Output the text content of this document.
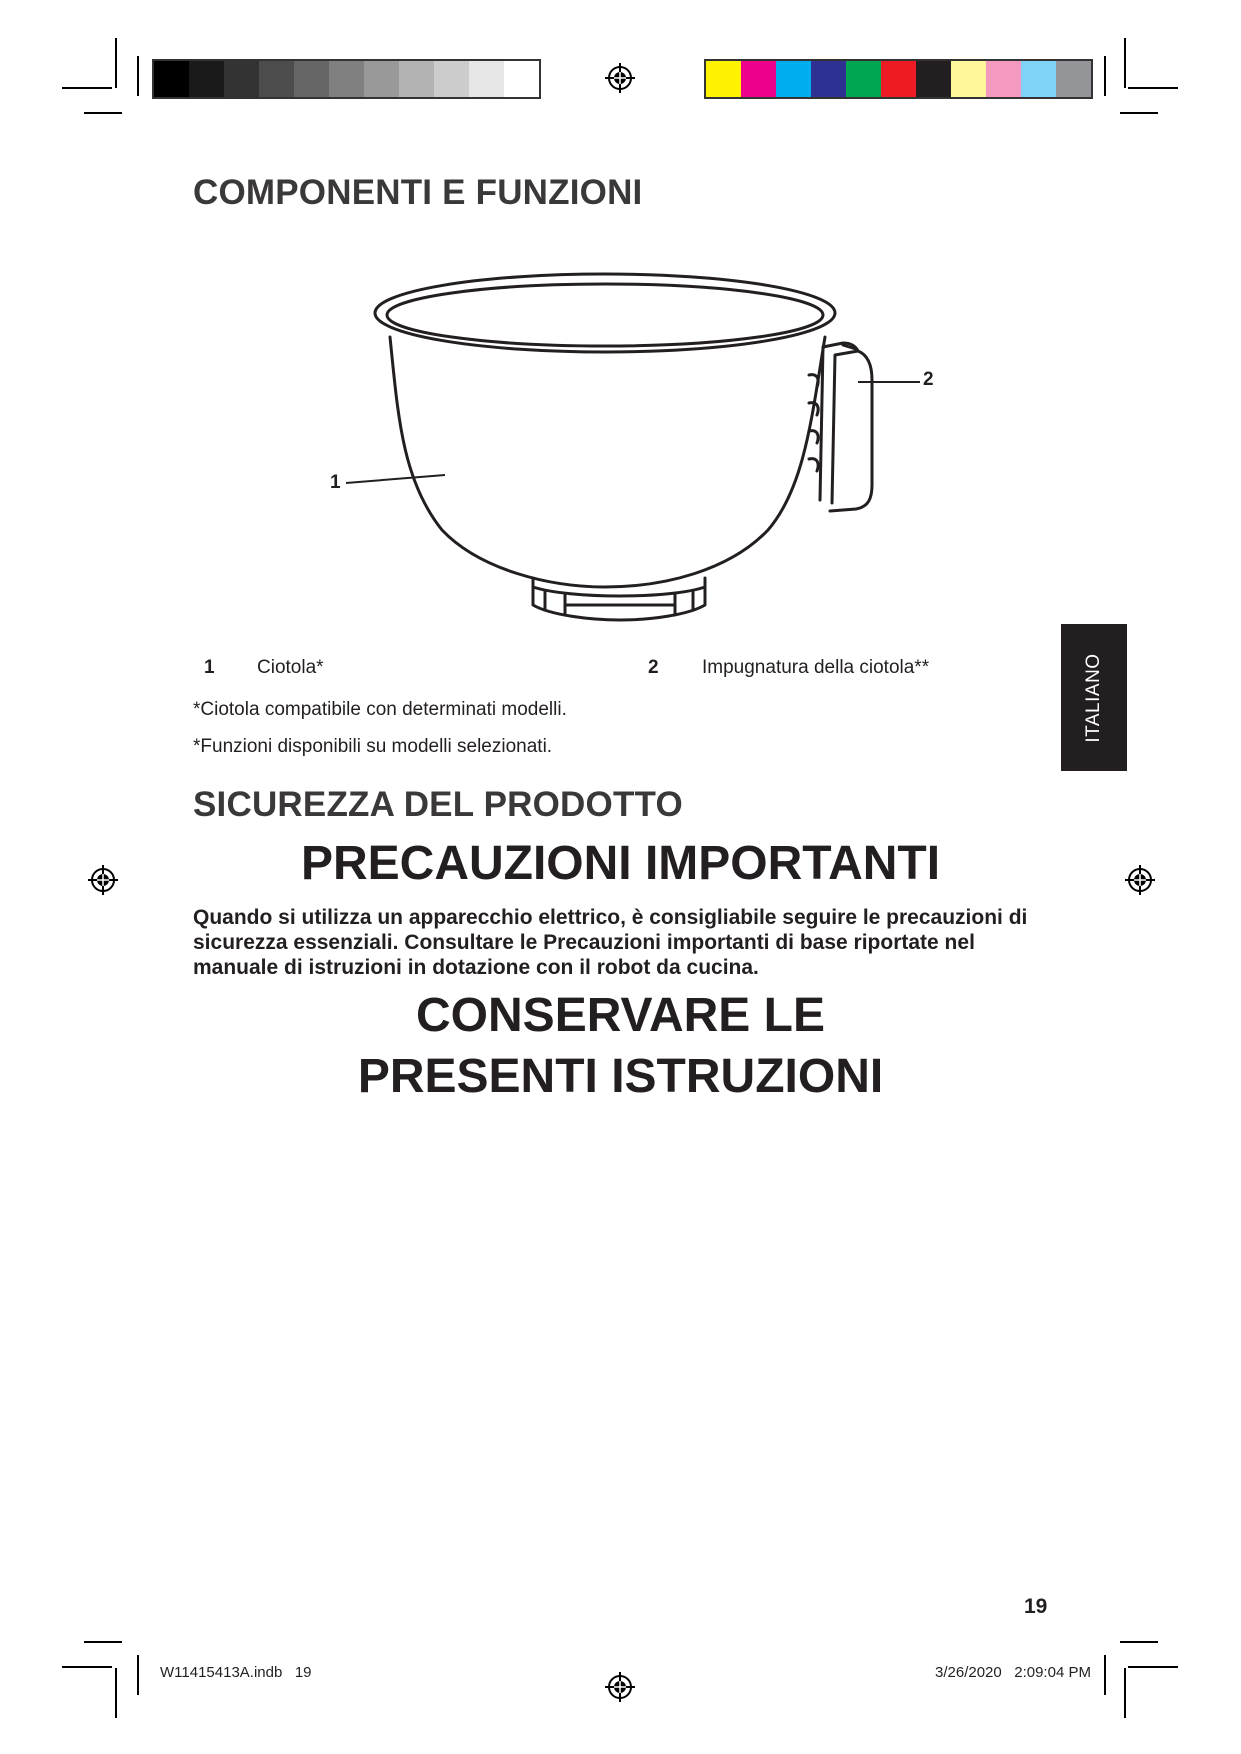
COMPONENTI E FUNZIONI
1
2
1 Ciotola*	2 Impugnatura della ciotola**
*Ciotola compatibile con determinati modelli.
*Funzioni disponibili su modelli selezionati.
ITALIANO
SICUREZZA DEL PRODOTTO
PRECAUZIONI IMPORTANTI
Quando si utilizza un apparecchio elettrico, è consigliabile seguire le precauzioni di sicurezza essenziali. Consultare le Precauzioni importanti di base riportate nel manuale di istruzioni in dotazione con il robot da cucina.
CONSERVARE LE
PRESENTI ISTRUZIONI
19
W11415413A.indb   19	3/26/2020   2:09:04 PM
